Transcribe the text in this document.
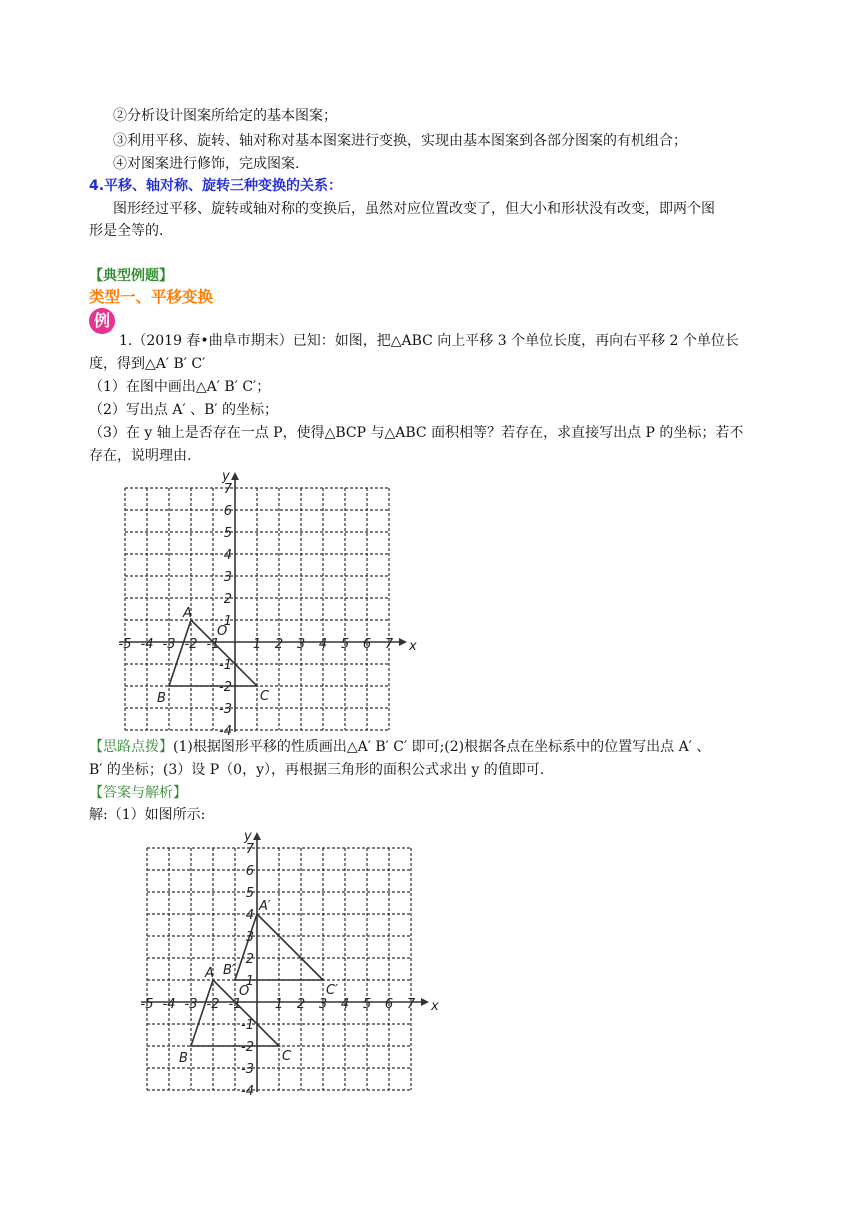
②分析设计图案所给定的基本图案；
③利用平移、旋转、轴对称对基本图案进行变换，实现由基本图案到各部分图案的有机组合；
④对图案进行修饰，完成图案.
4.平移、轴对称、旋转三种变换的关系：
图形经过平移、旋转或轴对称的变换后，虽然对应位置改变了，但大小和形状没有改变，即两个图
形是全等的.
【典型例题】
类型一、平移变换
例
1.（2019 春•曲阜市期末）已知：如图，把△ABC 向上平移 3 个单位长度，再向右平移 2 个单位长
度，得到△A′ B′ C′
（1）在图中画出△A′ B′ C′；
（2）写出点 A′ 、B′ 的坐标；
（3）在 y 轴上是否存在一点 P，使得△BCP 与△ABC 面积相等？若存在，求直接写出点 P 的坐标；若不
存在，说明理由.
-5 -4 -3 -2 -1	1 2 3 4 5 6 7
7
6
5
4
3
2
1
-1
-2
-3
-4
x
y
O
A
B	C
【思路点拨】(1)根据图形平移的性质画出△A′ B′ C′ 即可;(2)根据各点在坐标系中的位置写出点 A′ 、
B′ 的坐标；(3）设 P（0，y），再根据三角形的面积公式求出 y 的值即可.
【答案与解析】
解:（1）如图所示:
-5 -4 -3 -2 -1	1 2 3 4 5 6 7
7
6
5
4
3
2
1
-1
-2
-3
-4
x
y
O
A
B	C
A′
B′
C′
